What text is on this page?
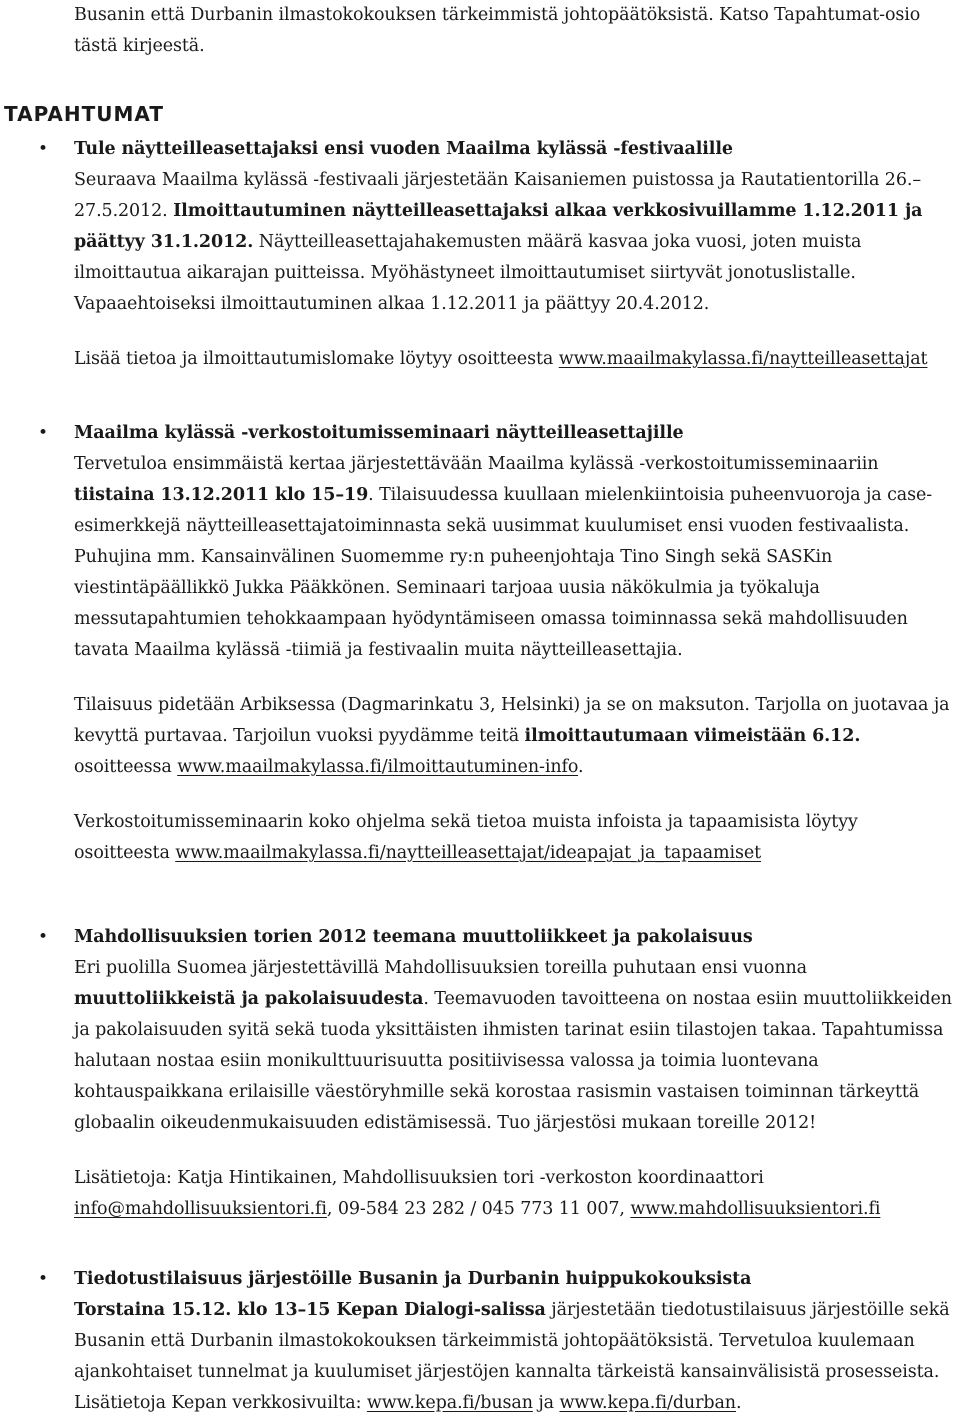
Busanin että Durbanin ilmastokokouksen tärkeimmistä johtopäätöksistä. Katso Tapahtumat-osio tästä kirjeestä.

TAPAHTUMAT
• Tule näytteilleasettajaksi ensi vuoden Maailma kylässä -festivaalille

Seuraava Maailma kylässä -festivaali järjestetään Kaisaniemen puistossa ja Rautatientorilla 26.–27.5.2012. Ilmoittautuminen näytteilleasettajaksi alkaa verkkosivuillamme 1.12.2011 ja päättyy 31.1.2012. Näytteilleasettajahakemusten määrä kasvaa joka vuosi, joten muista ilmoittautua aikarajan puitteissa. Myöhästyneet ilmoittautumiset siirtyvät jonotuslistalle. Vapaaehtoiseksi ilmoittautuminen alkaa 1.12.2011 ja päättyy 20.4.2012.

Lisää tietoa ja ilmoittautumislomake löytyy osoitteesta www.maailmakylassa.fi/naytteilleasettajat

• Maailma kylässä -verkostoitumisseminaari näytteilleasettajille

Tervetuloa ensimmäistä kertaa järjestettävään Maailma kylässä -verkostoitumisseminaariin tiistaina 13.12.2011 klo 15–19. Tilaisuudessa kuullaan mielenkiintoisia puheenvuoroja ja case-esimerkkejä näytteilleasettajatoiminnasta sekä uusimmat kuulumiset ensi vuoden festivaalista. Puhujina mm. Kansainvälinen Suomemme ry:n puheenjohtaja Tino Singh sekä SASKin viestintäpäällikkö Jukka Pääkkönen. Seminaari tarjoaa uusia näkökulmia ja työkaluja messutapahtumien tehokkaampaan hyödyntämiseen omassa toiminnassa sekä mahdollisuuden tavata Maailma kylässä -tiimiä ja festivaalin muita näytteilleasettajia.

Tilaisuus pidetään Arbiksessa (Dagmarinkatu 3, Helsinki) ja se on maksuton. Tarjolla on juotavaa ja kevyttä purtavaa. Tarjoilun vuoksi pyydämme teitä ilmoittautumaan viimeistään 6.12. osoitteessa www.maailmakylassa.fi/ilmoittautuminen-info.

Verkostoitumisseminaarin koko ohjelma sekä tietoa muista infoista ja tapaamisista löytyy osoitteesta www.maailmakylassa.fi/naytteilleasettajat/ideapajat_ja_tapaamiset

• Mahdollisuuksien torien 2012 teemana muuttoliikkeet ja pakolaisuus

Eri puolilla Suomea järjestettävillä Mahdollisuuksien toreilla puhutaan ensi vuonna muuttoliikkeistä ja pakolaisuudesta. Teemavuoden tavoitteena on nostaa esiin muuttoliikkeiden ja pakolaisuuden syitä sekä tuoda yksittäisten ihmisten tarinat esiin tilastojen takaa. Tapahtumissa halutaan nostaa esiin monikulttuurisuutta positiivisessa valossa ja toimia luontevana kohtauspaikkana erilaisille väestöryhmille sekä korostaa rasismin vastaisen toiminnan tärkeyttä globaalin oikeudenmukaisuuden edistämisessä. Tuo järjestösi mukaan toreille 2012!

Lisätietoja: Katja Hintikainen, Mahdollisuuksien tori -verkoston koordinaattori info@mahdollisuuksientori.fi, 09-584 23 282 / 045 773 11 007, www.mahdollisuuksientori.fi

• Tiedotustilaisuus järjestöille Busanin ja Durbanin huippukokouksista

Torstaina 15.12. klo 13–15 Kepan Dialogi-salissa järjestetään tiedotustilaisuus järjestöille sekä Busanin että Durbanin ilmastokokouksen tärkeimmistä johtopäätöksistä. Tervetuloa kuulemaan ajankohtaiset tunnelmat ja kuulumiset järjestöjen kannalta tärkeistä kansainvälisistä prosesseista. Lisätietoja Kepan verkkosivuilta: www.kepa.fi/busan ja www.kepa.fi/durban.
